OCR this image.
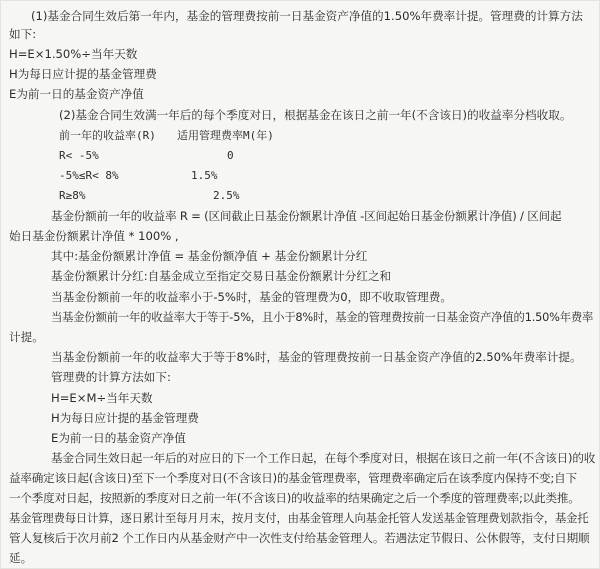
(1)基金合同生效后第一年内，基金的管理费按前一日基金资产净值的1.50%年费率计提。管理费的计算方法
如下:
H=E×1.50%÷当年天数
H为每日应计提的基金管理费
E为前一日的基金资产净值
(2)基金合同生效满一年后的每个季度对日，根据基金在该日之前一年(不含该日)的收益率分档收取。
前一年的收益率(R) 适用管理费率M(年)
R< -5%	0
-5%≤R< 8%	1.5%
R≥8%	2.5%
基金份额前一年的收益率 R = (区间截止日基金份额累计净值 -区间起始日基金份额累计净值) / 区间起
始日基金份额累计净值 * 100% ,
其中:基金份额累计净值 = 基金份额净值 + 基金份额累计分红
基金份额累计分红:自基金成立至指定交易日基金份额累计分红之和
当基金份额前一年的收益率小于-5%时，基金的管理费为0，即不收取管理费。
当基金份额前一年的收益率大于等于-5%，且小于8%时，基金的管理费按前一日基金资产净值的1.50%年费率
计提。
当基金份额前一年的收益率大于等于8%时，基金的管理费按前一日基金资产净值的2.50%年费率计提。
管理费的计算方法如下:
H=E×M÷当年天数
H为每日应计提的基金管理费
E为前一日的基金资产净值
基金合同生效日起一年后的对应日的下一个工作日起，在每个季度对日，根据在该日之前一年(不含该日)的收
益率确定该日起(含该日)至下一个季度对日(不含该日)的基金管理费率，管理费率确定后在该季度内保持不变;自下
一个季度对日起，按照新的季度对日之前一年(不含该日)的收益率的结果确定之后一个季度的管理费率;以此类推。
基金管理费每日计算，逐日累计至每月月末，按月支付，由基金管理人向基金托管人发送基金管理费划款指令，基金托
管人复核后于次月前2 个工作日内从基金财产中一次性支付给基金管理人。若遇法定节假日、公休假等，支付日期顺
延。
